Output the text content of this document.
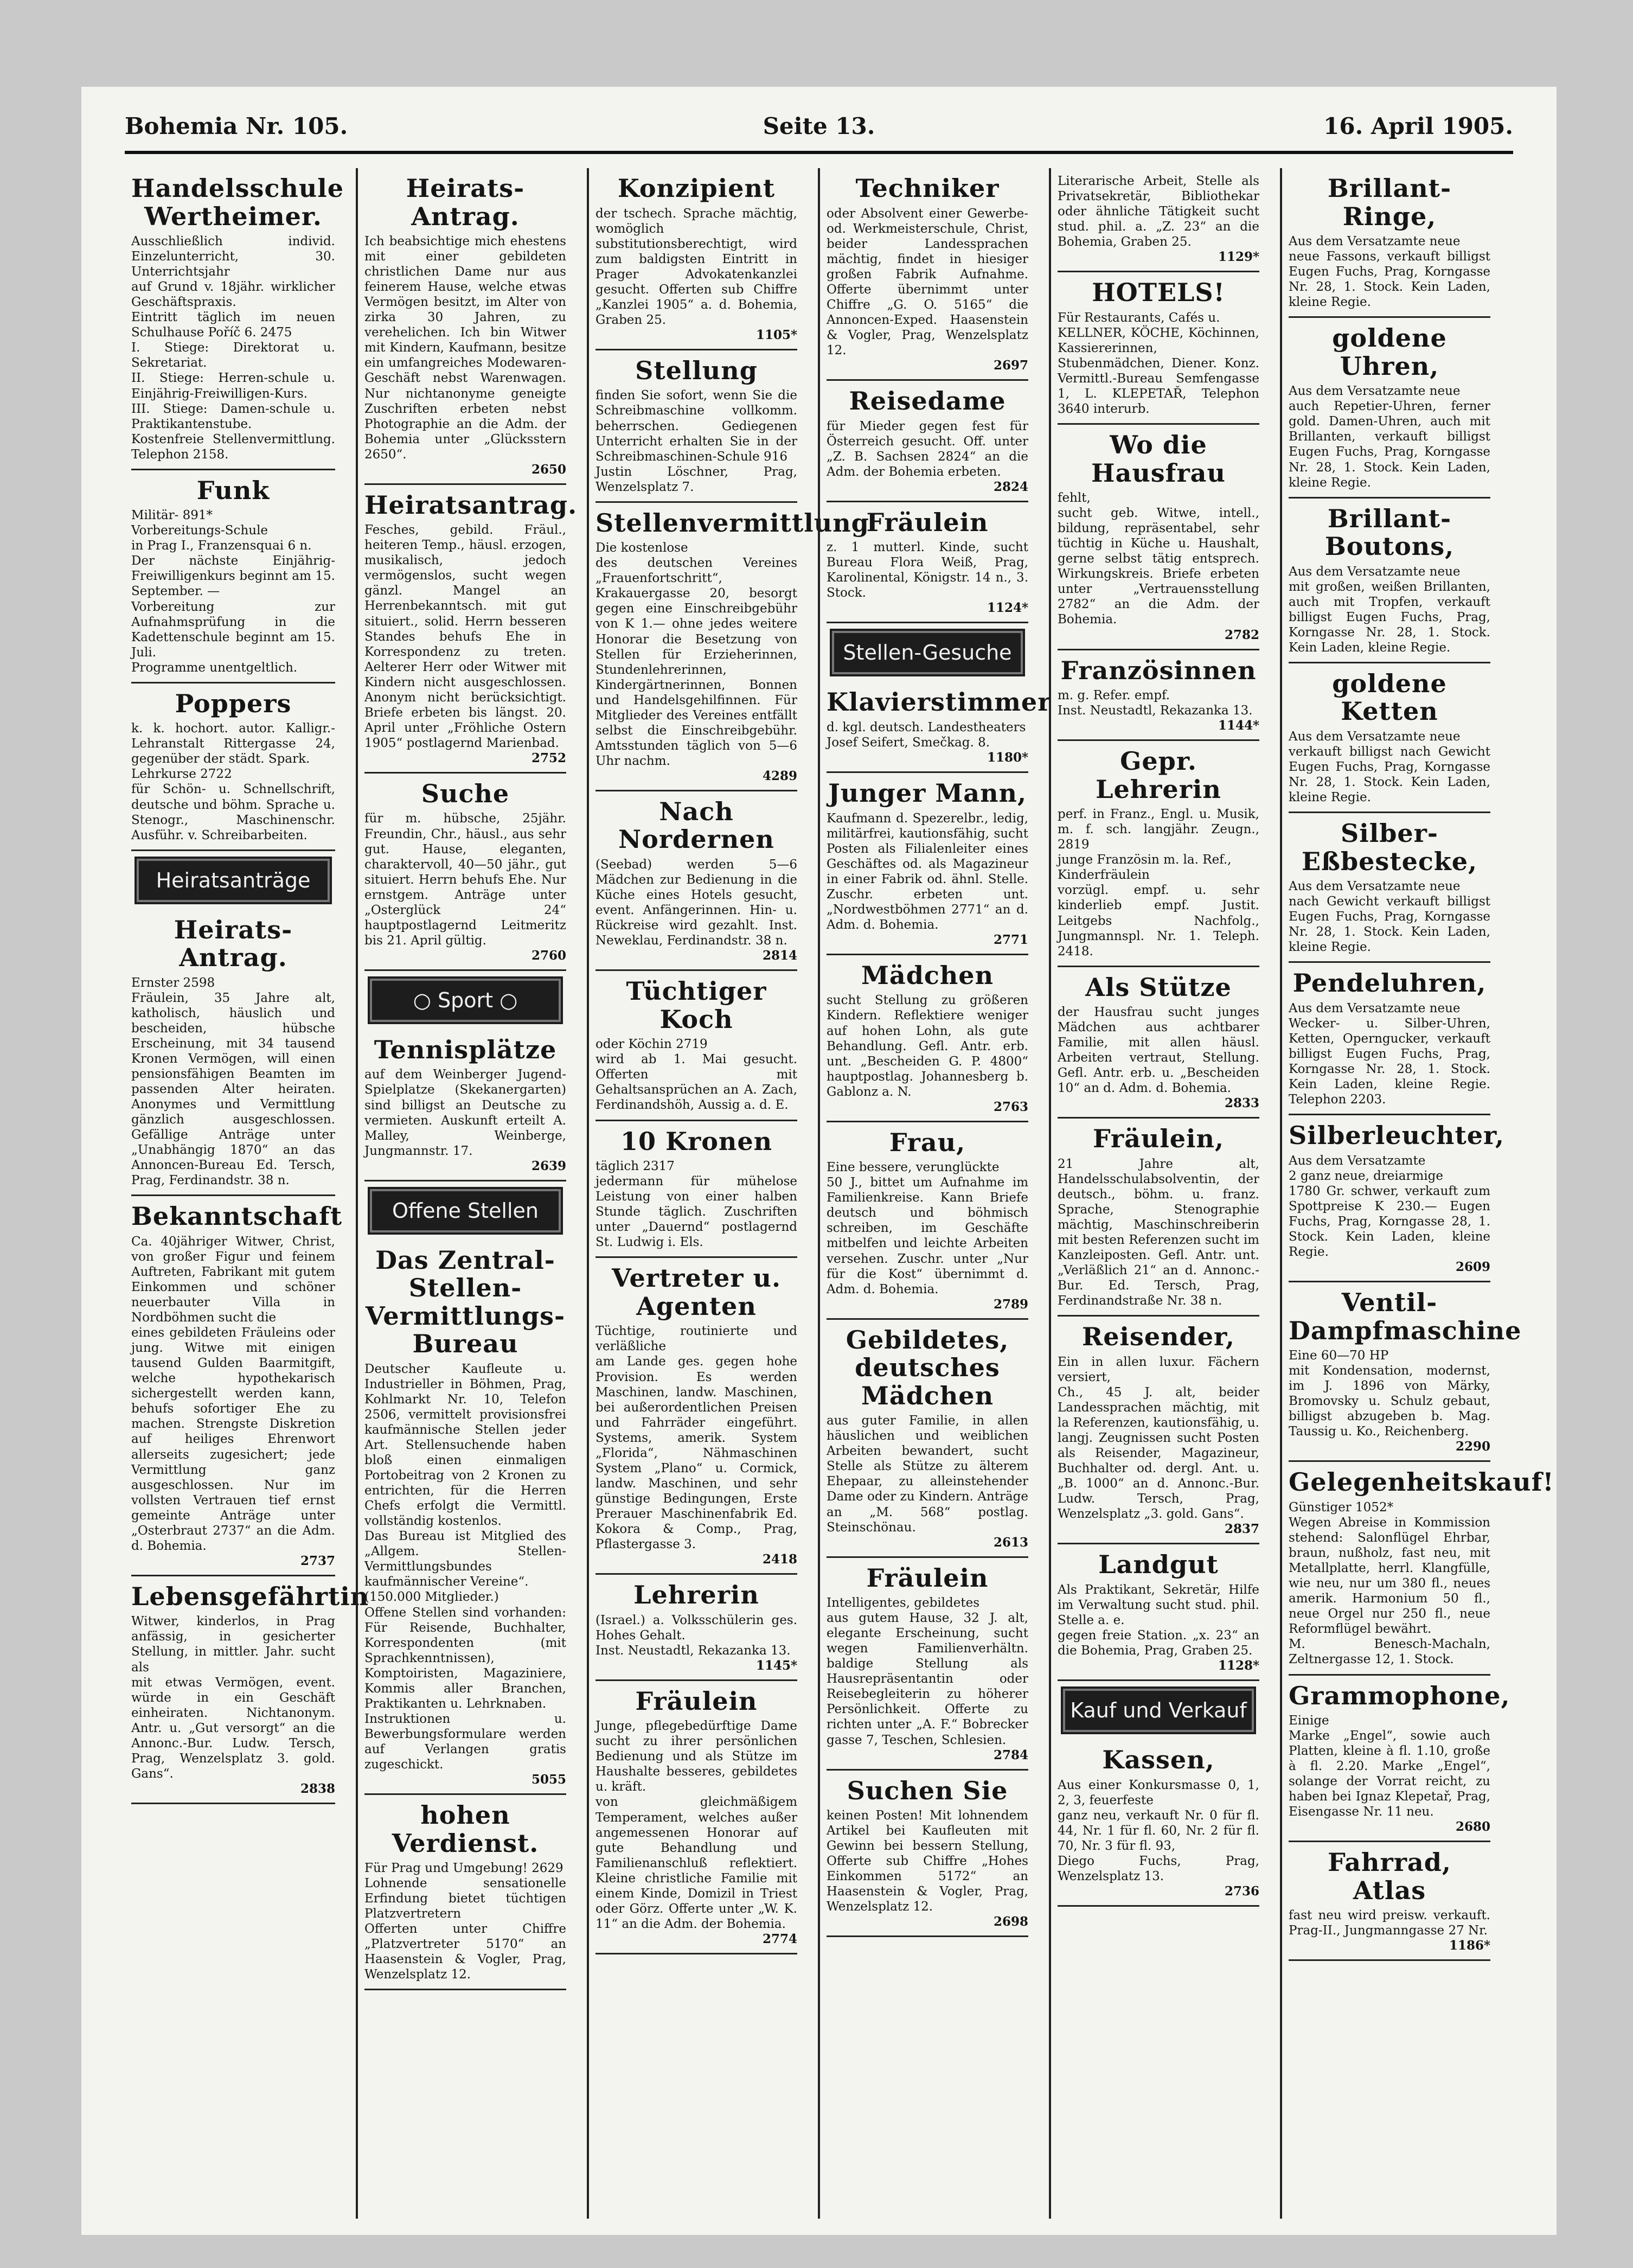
Bohemia Nr. 105.	Seite 13.	16. April 1905.
Handelsschule Wertheimer.
Ausschließlich individ. Einzelunterricht, 30. Unterrichtsjahr
auf Grund v. 18jähr. wirklicher Geschäftspraxis.
Eintritt täglich im neuen Schulhause Poříč 6. 2475
I. Stiege: Direktorat u. Sekretariat.
II. Stiege: Herren-schule u. Einjährig-Freiwilligen-Kurs.
III. Stiege: Damen-schule u. Praktikantenstube.
Kostenfreie Stellenvermittlung. Telephon 2158.
Funk
Militär- 891*
Vorbereitungs-Schule
in Prag I., Franzensquai 6 n.
Der nächste Einjährig-Freiwilligenkurs beginnt am 15. September. —
Vorbereitung zur Aufnahmsprüfung in die Kadettenschule beginnt am 15. Juli.
Programme unentgeltlich.
Poppers
k. k. hochort. autor. Kalligr.-Lehranstalt Rittergasse 24, gegenüber der städt. Spark.
Lehrkurse 2722
für Schön- u. Schnellschrift, deutsche und böhm. Sprache u. Stenogr., Maschinenschr. Ausführ. v. Schreibarbeiten.
Heiratsanträge
Heirats-Antrag.
Ernster 2598
Fräulein, 35 Jahre alt, katholisch, häuslich und bescheiden, hübsche Erscheinung, mit 34 tausend Kronen Vermögen, will einen pensionsfähigen Beamten im passenden Alter heiraten. Anonymes und Vermittlung gänzlich ausgeschlossen. Gefällige Anträge unter „Unabhängig 1870“ an das Annoncen-Bureau Ed. Tersch, Prag, Ferdinandstr. 38 n.
Bekanntschaft
Ca. 40jähriger Witwer, Christ, von großer Figur und feinem Auftreten, Fabrikant mit gutem Einkommen und schöner neuerbauter Villa in Nordböhmen sucht die
eines gebildeten Fräuleins oder jung. Witwe mit einigen tausend Gulden Baarmitgift, welche hypothekarisch sichergestellt werden kann, behufs sofortiger Ehe zu machen. Strengste Diskretion auf heiliges Ehrenwort allerseits zugesichert; jede Vermittlung ganz ausgeschlossen. Nur im vollsten Vertrauen tief ernst gemeinte Anträge unter „Osterbraut 2737“ an die Adm. d. Bohemia.
2737
Lebensgefährtin
Witwer, kinderlos, in Prag anfässig, in gesicherter Stellung, in mittler. Jahr. sucht als
mit etwas Vermögen, event. würde in ein Geschäft einheiraten. Nichtanonym. Antr. u. „Gut versorgt“ an die Annonc.-Bur. Ludw. Tersch, Prag, Wenzelsplatz 3. gold. Gans“.
2838
Heirats-Antrag.
Ich beabsichtige mich ehestens mit einer gebildeten christlichen Dame nur aus feinerem Hause, welche etwas Vermögen besitzt, im Alter von zirka 30 Jahren, zu verehelichen. Ich bin Witwer mit Kindern, Kaufmann, besitze ein umfangreiches Modewaren-Geschäft nebst Warenwagen. Nur nichtanonyme geneigte Zuschriften erbeten nebst Photographie an die Adm. der Bohemia unter „Glücksstern 2650“.
2650
Heiratsantrag.
Fesches, gebild. Fräul., heiteren Temp., häusl. erzogen, musikalisch, jedoch vermögenslos, sucht wegen gänzl. Mangel an Herrenbekanntsch. mit gut situiert., solid. Herrn besseren Standes behufs Ehe in Korrespondenz zu treten. Aelterer Herr oder Witwer mit Kindern nicht ausgeschlossen. Anonym nicht berücksichtigt. Briefe erbeten bis längst. 20. April unter „Fröhliche Ostern 1905“ postlagernd Marienbad.
2752
Suche
für m. hübsche, 25jähr. Freundin, Chr., häusl., aus sehr gut. Hause, eleganten, charaktervoll, 40—50 jähr., gut situiert. Herrn behufs Ehe. Nur ernstgem. Anträge unter „Osterglück 24“ hauptpostlagernd Leitmeritz bis 21. April gültig.
2760
○ Sport ○
Tennisplätze
auf dem Weinberger Jugend-Spielplatze (Skekanergarten) sind billigst an Deutsche zu vermieten. Auskunft erteilt A. Malley, Weinberge, Jungmannstr. 17.
2639
Offene Stellen
Das Zentral-Stellen-Vermittlungs-Bureau
Deutscher Kaufleute u. Industrieller in Böhmen, Prag, Kohlmarkt Nr. 10, Telefon 2506, vermittelt provisionsfrei kaufmännische Stellen jeder Art. Stellensuchende haben bloß einen einmaligen Portobeitrag von 2 Kronen zu entrichten, für die Herren Chefs erfolgt die Vermittl. vollständig kostenlos.
Das Bureau ist Mitglied des „Allgem. Stellen-Vermittlungsbundes kaufmännischer Vereine“.
(150.000 Mitglieder.)
Offene Stellen sind vorhanden: Für Reisende, Buchhalter, Korrespondenten (mit Sprachkenntnissen), Komptoiristen, Magaziniere, Kommis aller Branchen, Praktikanten u. Lehrknaben.
Instruktionen u. Bewerbungsformulare werden auf Verlangen gratis zugeschickt.
5055
hohen Verdienst.
Für Prag und Umgebung! 2629
Lohnende sensationelle Erfindung bietet tüchtigen Platzvertretern
Offerten unter Chiffre „Platzvertreter 5170“ an Haasenstein & Vogler, Prag, Wenzelsplatz 12.
Konzipient
der tschech. Sprache mächtig, womöglich substitutionsberechtigt, wird zum baldigsten Eintritt in Prager Advokatenkanzlei gesucht. Offerten sub Chiffre „Kanzlei 1905“ a. d. Bohemia, Graben 25.
1105*
Stellung
finden Sie sofort, wenn Sie die Schreibmaschine vollkomm. beherrschen. Gediegenen Unterricht erhalten Sie in der Schreibmaschinen-Schule 916
Justin Löschner, Prag, Wenzelsplatz 7.
Stellenvermittlung
Die kostenlose
des deutschen Vereines „Frauenfortschritt“, Krakauergasse 20, besorgt gegen eine Einschreibgebühr von K 1.— ohne jedes weitere Honorar die Besetzung von Stellen für Erzieherinnen, Stundenlehrerinnen, Kindergärtnerinnen, Bonnen und Handelsgehilfinnen. Für Mitglieder des Vereines entfällt selbst die Einschreibgebühr. Amtsstunden täglich von 5—6 Uhr nachm.
4289
Nach Nordernen
(Seebad) werden 5—6 Mädchen zur Bedienung in die Küche eines Hotels gesucht, event. Anfängerinnen. Hin- u. Rückreise wird gezahlt. Inst. Neweklau, Ferdinandstr. 38 n.
2814
Tüchtiger Koch
oder Köchin 2719
wird ab 1. Mai gesucht. Offerten mit Gehaltsansprüchen an A. Zach, Ferdinandshöh, Aussig a. d. E.
10 Kronen
täglich 2317
jedermann für mühelose Leistung von einer halben Stunde täglich. Zuschriften unter „Dauernd“ postlagernd St. Ludwig i. Els.
Vertreter u. Agenten
Tüchtige, routinierte und verläßliche
am Lande ges. gegen hohe Provision. Es werden Maschinen, landw. Maschinen, bei außerordentlichen Preisen und Fahrräder eingeführt. Systems, amerik. System „Florida“, Nähmaschinen System „Plano“ u. Cormick, landw. Maschinen, und sehr günstige Bedingungen, Erste Prerauer Maschinenfabrik Ed. Kokora & Comp., Prag, Pflastergasse 3.
2418
Lehrerin
(Israel.) a. Volksschülerin ges. Hohes Gehalt.
Inst. Neustadtl, Rekazanka 13.
1145*
Fräulein
Junge, pflegebedürftige Dame sucht zu ihrer persönlichen Bedienung und als Stütze im Haushalte besseres, gebildetes u. kräft.
von gleichmäßigem Temperament, welches außer angemessenen Honorar auf gute Behandlung und Familienanschluß reflektiert. Kleine christliche Familie mit einem Kinde, Domizil in Triest oder Görz. Offerte unter „W. K. 11“ an die Adm. der Bohemia.
2774
Techniker
oder Absolvent einer Gewerbe- od. Werkmeisterschule, Christ, beider Landessprachen mächtig, findet in hiesiger großen Fabrik Aufnahme. Offerte übernimmt unter Chiffre „G. O. 5165“ die Annoncen-Exped. Haasenstein & Vogler, Prag, Wenzelsplatz 12.
2697
Reisedame
für Mieder gegen fest für Österreich gesucht. Off. unter „Z. B. Sachsen 2824“ an die Adm. der Bohemia erbeten.
2824
Fräulein
z. 1 mutterl. Kinde, sucht Bureau Flora Weiß, Prag, Karolinental, Königstr. 14 n., 3. Stock.
1124*
Stellen-Gesuche
Klavierstimmer
d. kgl. deutsch. Landestheaters
Josef Seifert, Smečkag. 8.
1180*
Junger Mann,
Kaufmann d. Spezerelbr., ledig, militärfrei, kautionsfähig, sucht Posten als Filialenleiter eines Geschäftes od. als Magazineur in einer Fabrik od. ähnl. Stelle. Zuschr. erbeten unt. „Nordwestböhmen 2771“ an d. Adm. d. Bohemia.
2771
Mädchen
sucht Stellung zu größeren Kindern. Reflektiere weniger auf hohen Lohn, als gute Behandlung. Gefl. Antr. erb. unt. „Bescheiden G. P. 4800“ hauptpostlag. Johannesberg b. Gablonz a. N.
2763
Frau,
Eine bessere, verunglückte
50 J., bittet um Aufnahme im Familienkreise. Kann Briefe deutsch und böhmisch schreiben, im Geschäfte mitbelfen und leichte Arbeiten versehen. Zuschr. unter „Nur für die Kost“ übernimmt d. Adm. d. Bohemia.
2789
Gebildetes, deutsches Mädchen
aus guter Familie, in allen häuslichen und weiblichen Arbeiten bewandert, sucht Stelle als Stütze zu älterem Ehepaar, zu alleinstehender Dame oder zu Kindern. Anträge an „M. 568“ postlag. Steinschönau.
2613
Fräulein
Intelligentes, gebildetes
aus gutem Hause, 32 J. alt, elegante Erscheinung, sucht wegen Familienverhältn. baldige Stellung als Hausrepräsentantin oder Reisebegleiterin zu höherer Persönlichkeit. Offerte zu richten unter „A. F.“ Bobrecker gasse 7, Teschen, Schlesien.
2784
Suchen Sie
keinen Posten! Mit lohnendem Artikel bei Kaufleuten mit Gewinn bei bessern Stellung, Offerte sub Chiffre „Hohes Einkommen 5172“ an Haasenstein & Vogler, Prag, Wenzelsplatz 12.
2698
Literarische Arbeit, Stelle als Privatsekretär, Bibliothekar oder ähnliche Tätigkeit sucht stud. phil. a. „Z. 23“ an die Bohemia, Graben 25.
1129*
HOTELS!
Für Restaurants, Cafés u.
KELLNER, KÖCHE, Köchinnen, Kassiererinnen, Stubenmädchen, Diener. Konz. Vermittl.-Bureau Semfengasse 1, L. KLEPETAŘ, Telephon 3640 interurb.
Wo die Hausfrau
fehlt,
sucht geb. Witwe, intell., bildung, repräsentabel, sehr tüchtig in Küche u. Haushalt, gerne selbst tätig entsprech. Wirkungskreis. Briefe erbeten unter „Vertrauensstellung 2782“ an die Adm. der Bohemia.
2782
Französinnen
m. g. Refer. empf.
Inst. Neustadtl, Rekazanka 13.
1144*
Gepr. Lehrerin
perf. in Franz., Engl. u. Musik, m. f. sch. langjähr. Zeugn., 2819
junge Französin m. la. Ref.,
Kinderfräulein
vorzügl. empf. u. sehr kinderlieb empf. Justit. Leitgebs Nachfolg., Jungmannspl. Nr. 1. Teleph. 2418.
Als Stütze
der Hausfrau sucht junges Mädchen aus achtbarer Familie, mit allen häusl. Arbeiten vertraut, Stellung. Gefl. Antr. erb. u. „Bescheiden 10“ an d. Adm. d. Bohemia.
2833
Fräulein,
21 Jahre alt, Handelsschulabsolventin, der deutsch., böhm. u. franz. Sprache, Stenographie mächtig, Maschinschreiberin mit besten Referenzen sucht im Kanzleiposten. Gefl. Antr. unt. „Verläßlich 21“ an d. Annonc.-Bur. Ed. Tersch, Prag, Ferdinandstraße Nr. 38 n.
Reisender,
Ein in allen luxur. Fächern versiert,
Ch., 45 J. alt, beider Landessprachen mächtig, mit la Referenzen, kautionsfähig, u. langj. Zeugnissen sucht Posten als Reisender, Magazineur, Buchhalter od. dergl. Ant. u. „B. 1000“ an d. Annonc.-Bur. Ludw. Tersch, Prag, Wenzelsplatz „3. gold. Gans“.
2837
Landgut
Als Praktikant, Sekretär, Hilfe im Verwaltung sucht stud. phil. Stelle a. e.
gegen freie Station. „x. 23“ an die Bohemia, Prag, Graben 25.
1128*
Kauf und Verkauf
Kassen,
Aus einer Konkursmasse 0, 1, 2, 3, feuerfeste
ganz neu, verkauft Nr. 0 für fl. 44, Nr. 1 für fl. 60, Nr. 2 für fl. 70, Nr. 3 für fl. 93,
Diego Fuchs, Prag, Wenzelsplatz 13.
2736
Brillant-Ringe,
Aus dem Versatzamte neue
neue Fassons, verkauft billigst Eugen Fuchs, Prag, Korngasse Nr. 28, 1. Stock. Kein Laden, kleine Regie.
goldene Uhren,
Aus dem Versatzamte neue
auch Repetier-Uhren, ferner gold. Damen-Uhren, auch mit Brillanten, verkauft billigst Eugen Fuchs, Prag, Korngasse Nr. 28, 1. Stock. Kein Laden, kleine Regie.
Brillant-Boutons,
Aus dem Versatzamte neue
mit großen, weißen Brillanten, auch mit Tropfen, verkauft billigst Eugen Fuchs, Prag, Korngasse Nr. 28, 1. Stock. Kein Laden, kleine Regie.
goldene Ketten
Aus dem Versatzamte neue
verkauft billigst nach Gewicht Eugen Fuchs, Prag, Korngasse Nr. 28, 1. Stock. Kein Laden, kleine Regie.
Silber-Eßbestecke,
Aus dem Versatzamte neue
nach Gewicht verkauft billigst Eugen Fuchs, Prag, Korngasse Nr. 28, 1. Stock. Kein Laden, kleine Regie.
Pendeluhren,
Aus dem Versatzamte neue
Wecker- u. Silber-Uhren, Ketten, Operngucker, verkauft billigst Eugen Fuchs, Prag, Korngasse Nr. 28, 1. Stock. Kein Laden, kleine Regie. Telephon 2203.
Silberleuchter,
Aus dem Versatzamte
2 ganz neue, dreiarmige
1780 Gr. schwer, verkauft zum Spottpreise K 230.— Eugen Fuchs, Prag, Korngasse 28, 1. Stock. Kein Laden, kleine Regie.
2609
Ventil-Dampfmaschine
Eine 60—70 HP
mit Kondensation, modernst, im J. 1896 von Märky, Bromovsky u. Schulz gebaut, billigst abzugeben b. Mag. Taussig u. Ko., Reichenberg.
2290
Gelegenheitskauf!
Günstiger 1052*
Wegen Abreise in Kommission stehend: Salonflügel Ehrbar, braun, nußholz, fast neu, mit Metallplatte, herrl. Klangfülle, wie neu, nur um 380 fl., neues amerik. Harmonium 50 fl., neue Orgel nur 250 fl., neue Reformflügel bewährt.
M. Benesch-Machaln, Zeltnergasse 12, 1. Stock.
Grammophone,
Einige
Marke „Engel“, sowie auch Platten, kleine à fl. 1.10, große à fl. 2.20. Marke „Engel“, solange der Vorrat reicht, zu haben bei Ignaz Klepetař, Prag, Eisengasse Nr. 11 neu.
2680
Fahrrad, Atlas
fast neu wird preisw. verkauft. Prag-II., Jungmanngasse 27 Nr.
1186*
